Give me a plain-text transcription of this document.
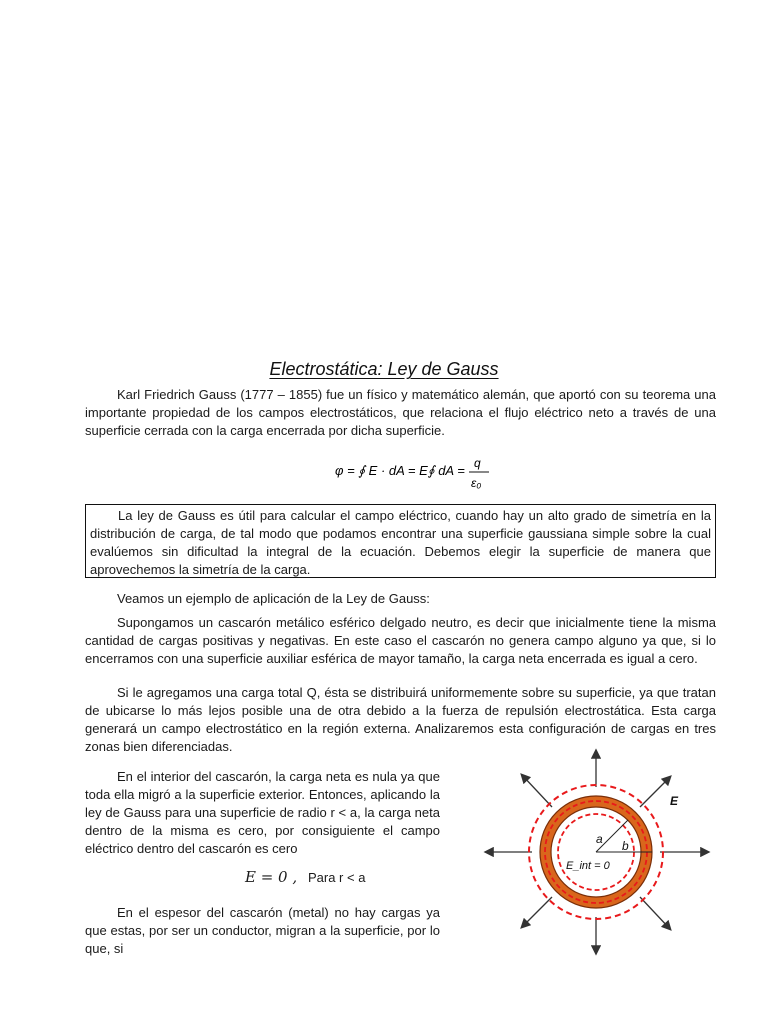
Electrostática: Ley de Gauss

Karl Friedrich Gauss (1777 – 1855) fue un físico y matemático alemán, que aportó con su teorema una importante propiedad de los campos electrostáticos, que relaciona el flujo eléctrico neto a través de una superficie cerrada con la carga encerrada por dicha superficie.

φ = ∮ E · dA = E∮ dA = q
ε₀

La ley de Gauss es útil para calcular el campo eléctrico, cuando hay un alto grado de simetría en la distribución de carga, de tal modo que podamos encontrar una superficie gaussiana simple sobre la cual evalúemos sin dificultad la integral de la ecuación. Debemos elegir la superficie de manera que aprovechemos la simetría de la carga.

Veamos un ejemplo de aplicación de la Ley de Gauss:

Supongamos un cascarón metálico esférico delgado neutro, es decir que inicialmente tiene la misma cantidad de cargas positivas y negativas. En este caso el cascarón no genera campo alguno ya que, si lo encerramos con una superficie auxiliar esférica de mayor tamaño, la carga neta encerrada es igual a cero.

Si le agregamos una carga total Q, ésta se distribuirá uniformemente sobre su superficie, ya que tratan de ubicarse lo más lejos posible una de otra debido a la fuerza de repulsión electrostática. Esta carga generará un campo electrostático en la región externa. Analizaremos esta configuración de cargas en tres zonas bien diferenciadas.

En el interior del cascarón, la carga neta es nula ya que toda ella migró a la superficie exterior. Entonces, aplicando la ley de Gauss para una superficie de radio r < a, la carga neta dentro de la misma es cero, por consiguiente el campo eléctrico dentro del cascarón es cero

E = 0 , Para r < a

En el espesor del cascarón (metal) no hay cargas ya que estas, por ser un conductor, migran a la superficie, por lo que, si

a b
E_int = 0
E
